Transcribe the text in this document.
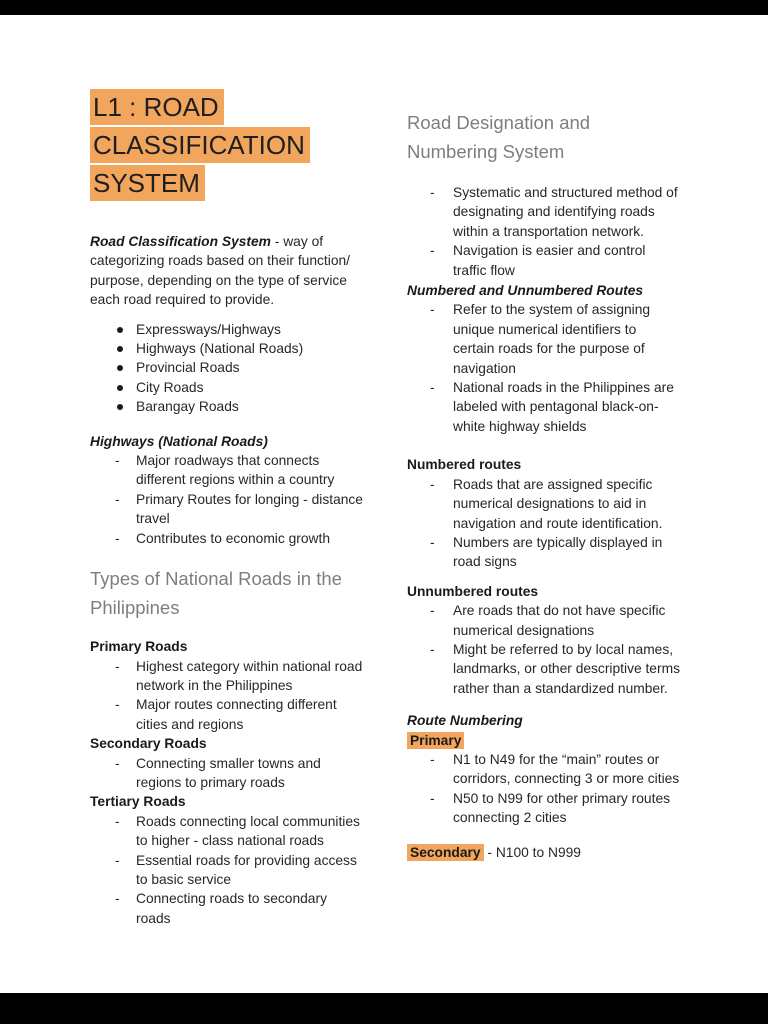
L1 : ROAD
CLASSIFICATION
SYSTEM

Road Classification System - way of categorizing roads based on their function/ purpose, depending on the type of service each road required to provide.

Expressways/Highways
Highways (National Roads)
Provincial Roads
City Roads
Barangay Roads
Highways (National Roads)
-	Major roadways that connects different regions within a country
-	Primary Routes for longing - distance travel
-	Contributes to economic growth
Types of National Roads in the Philippines
Primary Roads
-	Highest category within national road network in the Philippines
-	Major routes connecting different cities and regions
Secondary Roads
-	Connecting smaller towns and regions to primary roads
Tertiary Roads
-	Roads connecting local communities to higher - class national roads
-	Essential roads for providing access to basic service
-	Connecting roads to secondary roads
Road Designation and Numbering System
-	Systematic and structured method of designating and identifying roads within a transportation network.
-	Navigation is easier and control traffic flow
Numbered and Unnumbered Routes
-	Refer to the system of assigning unique numerical identifiers to certain roads for the purpose of navigation
-	National roads in the Philippines are labeled with pentagonal black-on-white highway shields
Numbered routes
-	Roads that are assigned specific numerical designations to aid in navigation and route identification.
-	Numbers are typically displayed in road signs
Unnumbered routes
-	Are roads that do not have specific numerical designations
-	Might be referred to by local names, landmarks, or other descriptive terms rather than a standardized number.
Route Numbering
Primary
-	N1 to N49 for the “main” routes or corridors, connecting 3 or more cities
-	N50 to N99 for other primary routes connecting 2 cities
Secondary - N100 to N999
